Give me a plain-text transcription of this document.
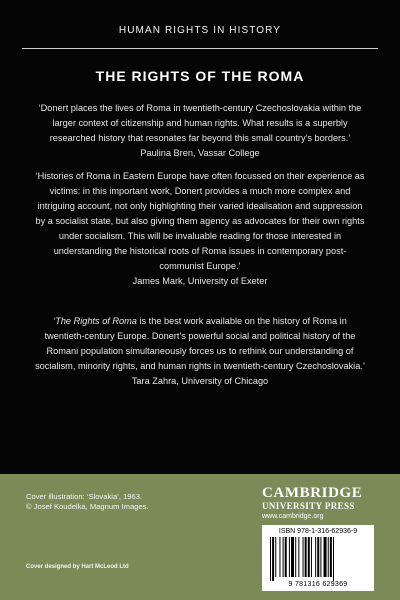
HUMAN RIGHTS IN HISTORY
THE RIGHTS OF THE ROMA
‘Donert places the lives of Roma in twentieth-century Czechoslovakia within the larger context of citizenship and human rights. What results is a superbly researched history that resonates far beyond this small country’s borders.’
Paulina Bren, Vassar College
‘Histories of Roma in Eastern Europe have often focussed on their experience as victims: in this important work, Donert provides a much more complex and intriguing account, not only highlighting their varied idealisation and suppression by a socialist state, but also giving them agency as advocates for their own rights under socialism. This will be invaluable reading for those interested in understanding the historical roots of Roma issues in contemporary post-communist Europe.’
James Mark, University of Exeter
‘The Rights of Roma is the best work available on the history of Roma in twentieth-century Europe. Donert’s powerful social and political history of the Romani population simultaneously forces us to rethink our understanding of socialism, minority rights, and human rights in twentieth-century Czechoslovakia.’
Tara Zahra, University of Chicago
Cover illustration: ‘Slovakia’, 1963.
© Josef Koudelka, Magnum Images.
Cover designed by Hart McLeod Ltd
CAMBRIDGE
UNIVERSITY PRESS
www.cambridge.org
ISBN 978-1-316-62936-9
9 781316 629369
